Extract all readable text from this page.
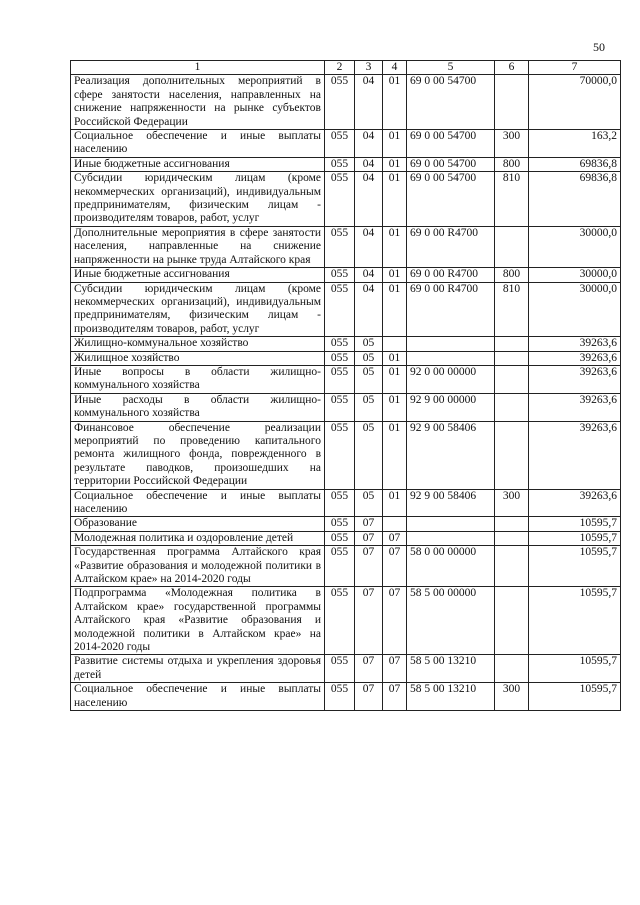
50
1	2	3	4	5	6	7
Реализация дополнительных мероприятий в сфере занятости населения, направленных на снижение напряженности на рынке субъектов Российской Федерации	055	04	01	69 0 00 54700		70000,0
Социальное обеспечение и иные выплаты населению	055	04	01	69 0 00 54700	300	163,2
Иные бюджетные ассигнования	055	04	01	69 0 00 54700	800	69836,8
Субсидии юридическим лицам (кроме некоммерческих организаций), индивидуальным предпринимателям, физическим лицам - производителям товаров, работ, услуг	055	04	01	69 0 00 54700	810	69836,8
Дополнительные мероприятия в сфере занятости населения, направленные на снижение напряженности на рынке труда Алтайского края	055	04	01	69 0 00 R4700		30000,0
Иные бюджетные ассигнования	055	04	01	69 0 00 R4700	800	30000,0
Субсидии юридическим лицам (кроме некоммерческих организаций), индивидуальным предпринимателям, физическим лицам - производителям товаров, работ, услуг	055	04	01	69 0 00 R4700	810	30000,0
Жилищно-коммунальное хозяйство	055	05				39263,6
Жилищное хозяйство	055	05	01			39263,6
Иные вопросы в области жилищно-коммунального хозяйства	055	05	01	92 0 00 00000		39263,6
Иные расходы в области жилищно-коммунального хозяйства	055	05	01	92 9 00 00000		39263,6
Финансовое обеспечение реализации мероприятий по проведению капитального ремонта жилищного фонда, поврежденного в результате паводков, произошедших на территории Российской Федерации	055	05	01	92 9 00 58406		39263,6
Социальное обеспечение и иные выплаты населению	055	05	01	92 9 00 58406	300	39263,6
Образование	055	07				10595,7
Молодежная политика и оздоровление детей	055	07	07			10595,7
Государственная программа Алтайского края «Развитие образования и молодежной политики в Алтайском крае» на 2014-2020 годы	055	07	07	58 0 00 00000		10595,7
Подпрограмма «Молодежная политика в Алтайском крае» государственной программы Алтайского края «Развитие образования и молодежной политики в Алтайском крае» на 2014-2020 годы	055	07	07	58 5 00 00000		10595,7
Развитие системы отдыха и укрепления здоровья детей	055	07	07	58 5 00 13210		10595,7
Социальное обеспечение и иные выплаты населению	055	07	07	58 5 00 13210	300	10595,7
